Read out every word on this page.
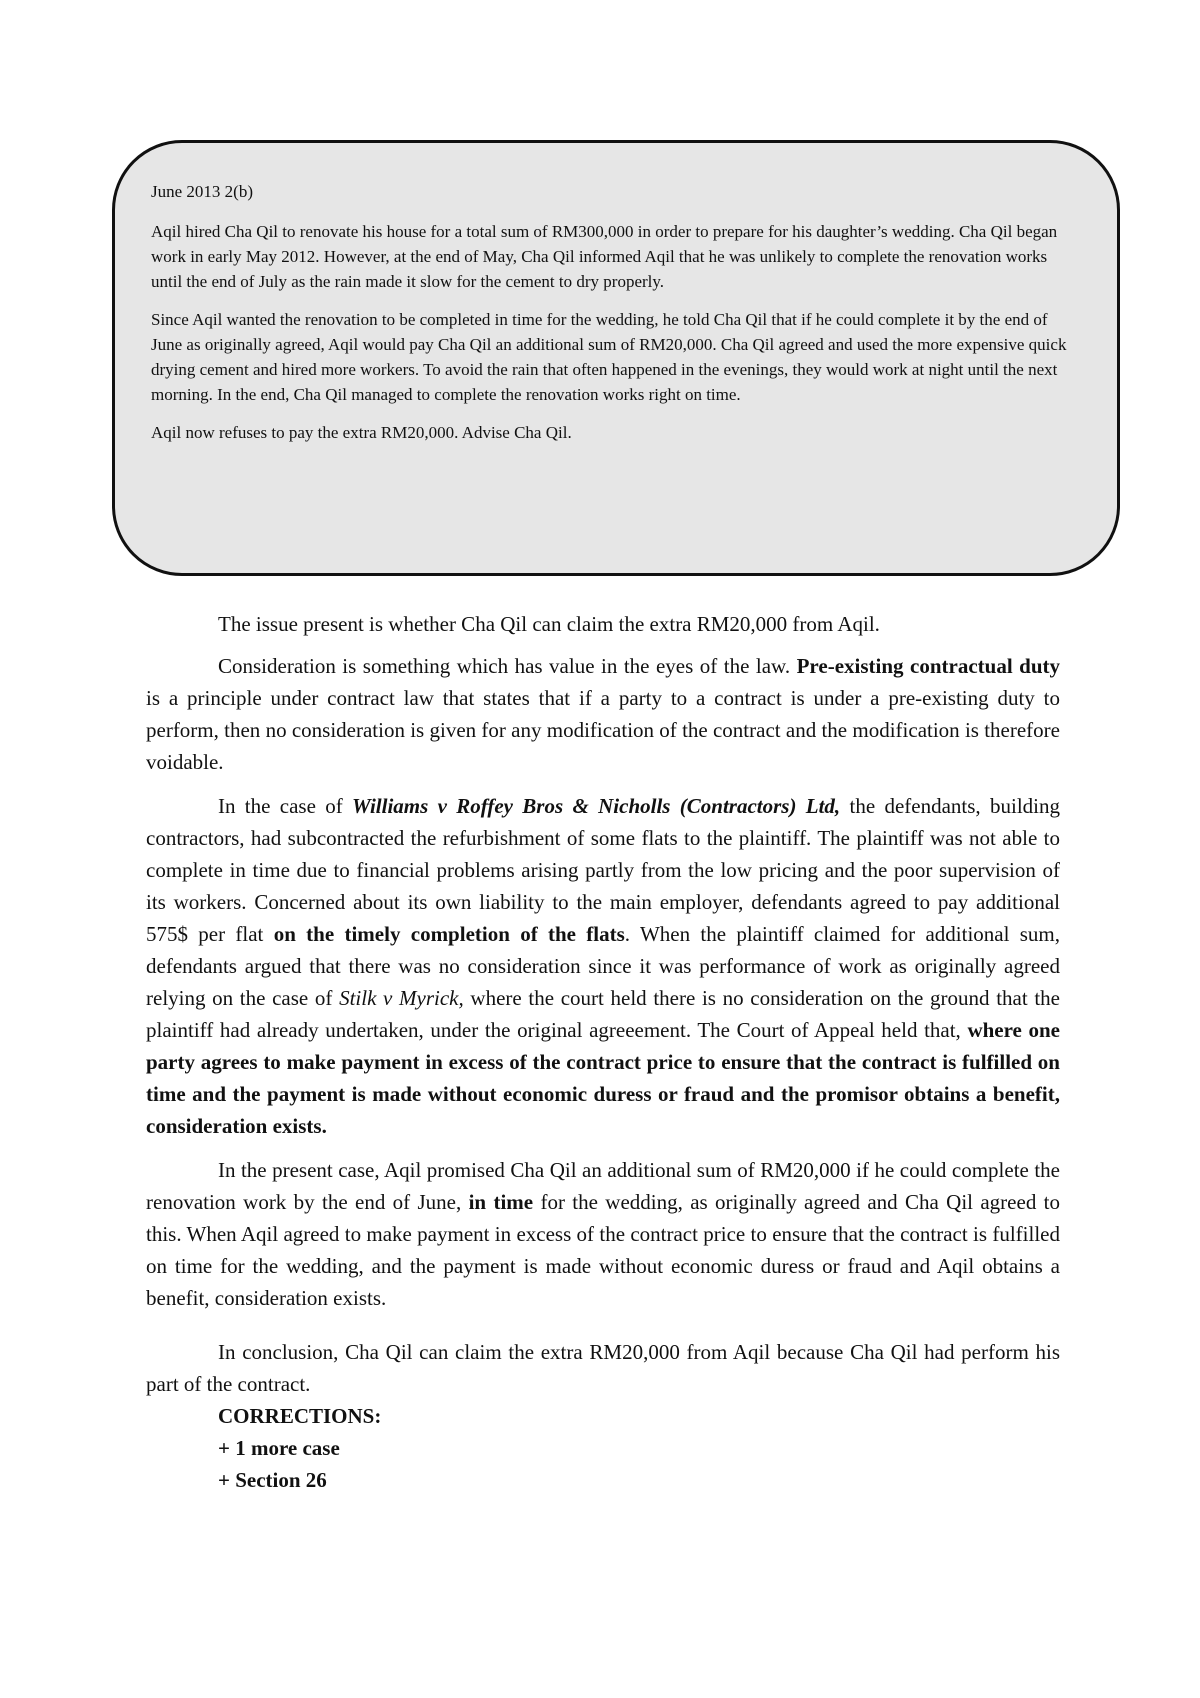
June 2013 2(b)

Aqil hired Cha Qil to renovate his house for a total sum of RM300,000 in order to prepare for his daughter’s wedding. Cha Qil began work in early May 2012. However, at the end of May, Cha Qil informed Aqil that he was unlikely to complete the renovation works until the end of July as the rain made it slow for the cement to dry properly.

Since Aqil wanted the renovation to be completed in time for the wedding, he told Cha Qil that if he could complete it by the end of June as originally agreed, Aqil would pay Cha Qil an additional sum of RM20,000. Cha Qil agreed and used the more expensive quick drying cement and hired more workers. To avoid the rain that often happened in the evenings, they would work at night until the next morning. In the end, Cha Qil managed to complete the renovation works right on time.

Aqil now refuses to pay the extra RM20,000. Advise Cha Qil.

The issue present is whether Cha Qil can claim the extra RM20,000 from Aqil.

Consideration is something which has value in the eyes of the law. Pre-existing contractual duty is a principle under contract law that states that if a party to a contract is under a pre-existing duty to perform, then no consideration is given for any modification of the contract and the modification is therefore voidable.

In the case of Williams v Roffey Bros & Nicholls (Contractors) Ltd, the defendants, building contractors, had subcontracted the refurbishment of some flats to the plaintiff. The plaintiff was not able to complete in time due to financial problems arising partly from the low pricing and the poor supervision of its workers. Concerned about its own liability to the main employer, defendants agreed to pay additional 575$ per flat on the timely completion of the flats. When the plaintiff claimed for additional sum, defendants argued that there was no consideration since it was performance of work as originally agreed relying on the case of Stilk v Myrick, where the court held there is no consideration on the ground that the plaintiff had already undertaken, under the original agreeement. The Court of Appeal held that, where one party agrees to make payment in excess of the contract price to ensure that the contract is fulfilled on time and the payment is made without economic duress or fraud and the promisor obtains a benefit, consideration exists.

In the present case, Aqil promised Cha Qil an additional sum of RM20,000 if he could complete the renovation work by the end of June, in time for the wedding, as originally agreed and Cha Qil agreed to this. When Aqil agreed to make payment in excess of the contract price to ensure that the contract is fulfilled on time for the wedding, and the payment is made without economic duress or fraud and Aqil obtains a benefit, consideration exists.

In conclusion, Cha Qil can claim the extra RM20,000 from Aqil because Cha Qil had perform his part of the contract.

CORRECTIONS:
+ 1 more case
+ Section 26
